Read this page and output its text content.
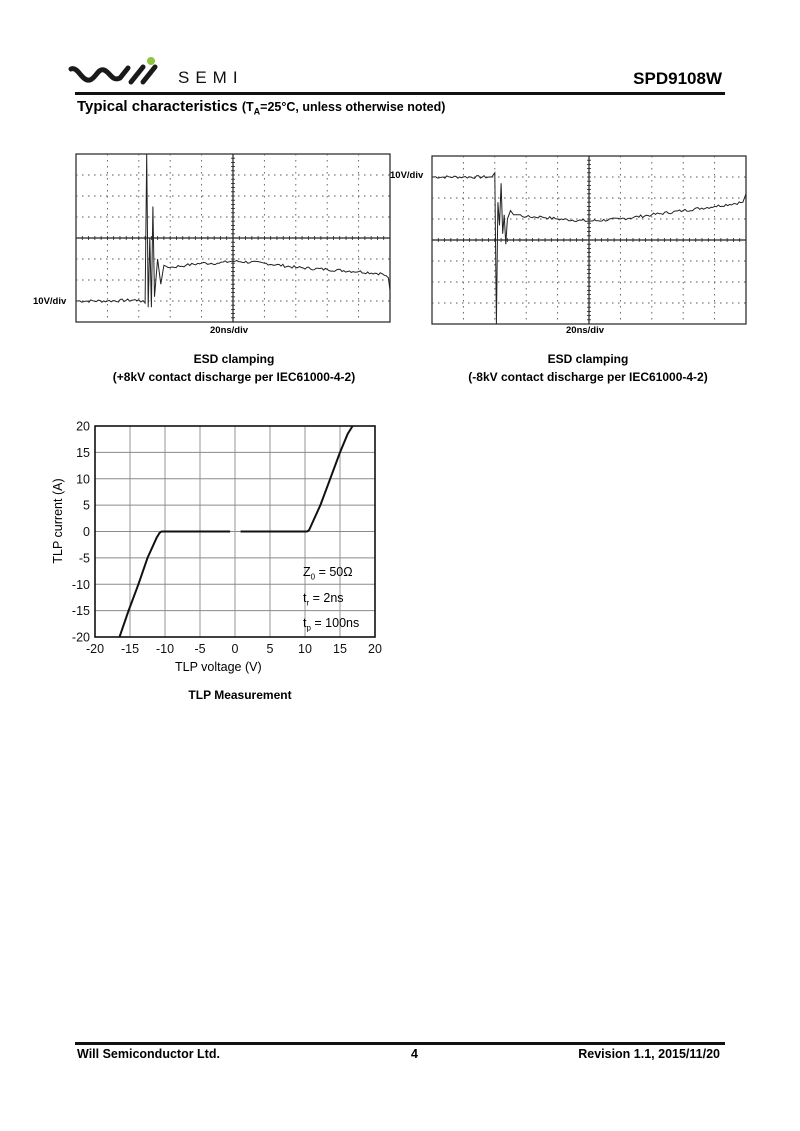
SEMI	SPD9108W
Typical characteristics ($T_A=25^\circ C$, unless otherwise noted)
10V/div
20ns/div
ESD clamping
(+8kV contact discharge per IEC61000-4-2)
10V/div
20ns/div
ESD clamping
(-8kV contact discharge per IEC61000-4-2)
-20 -15 -10 -5 0 5 10 15 20
20
15
10
5
0
-5
-10
-15
-20
TLP current (A)
TLP voltage (V)
TLP Measurement
$Z_0 = 50\Omega$
$t_r = 2ns$
$t_p = 100ns$
Will Semiconductor Ltd.	4	Revision 1.1, 2015/11/20
